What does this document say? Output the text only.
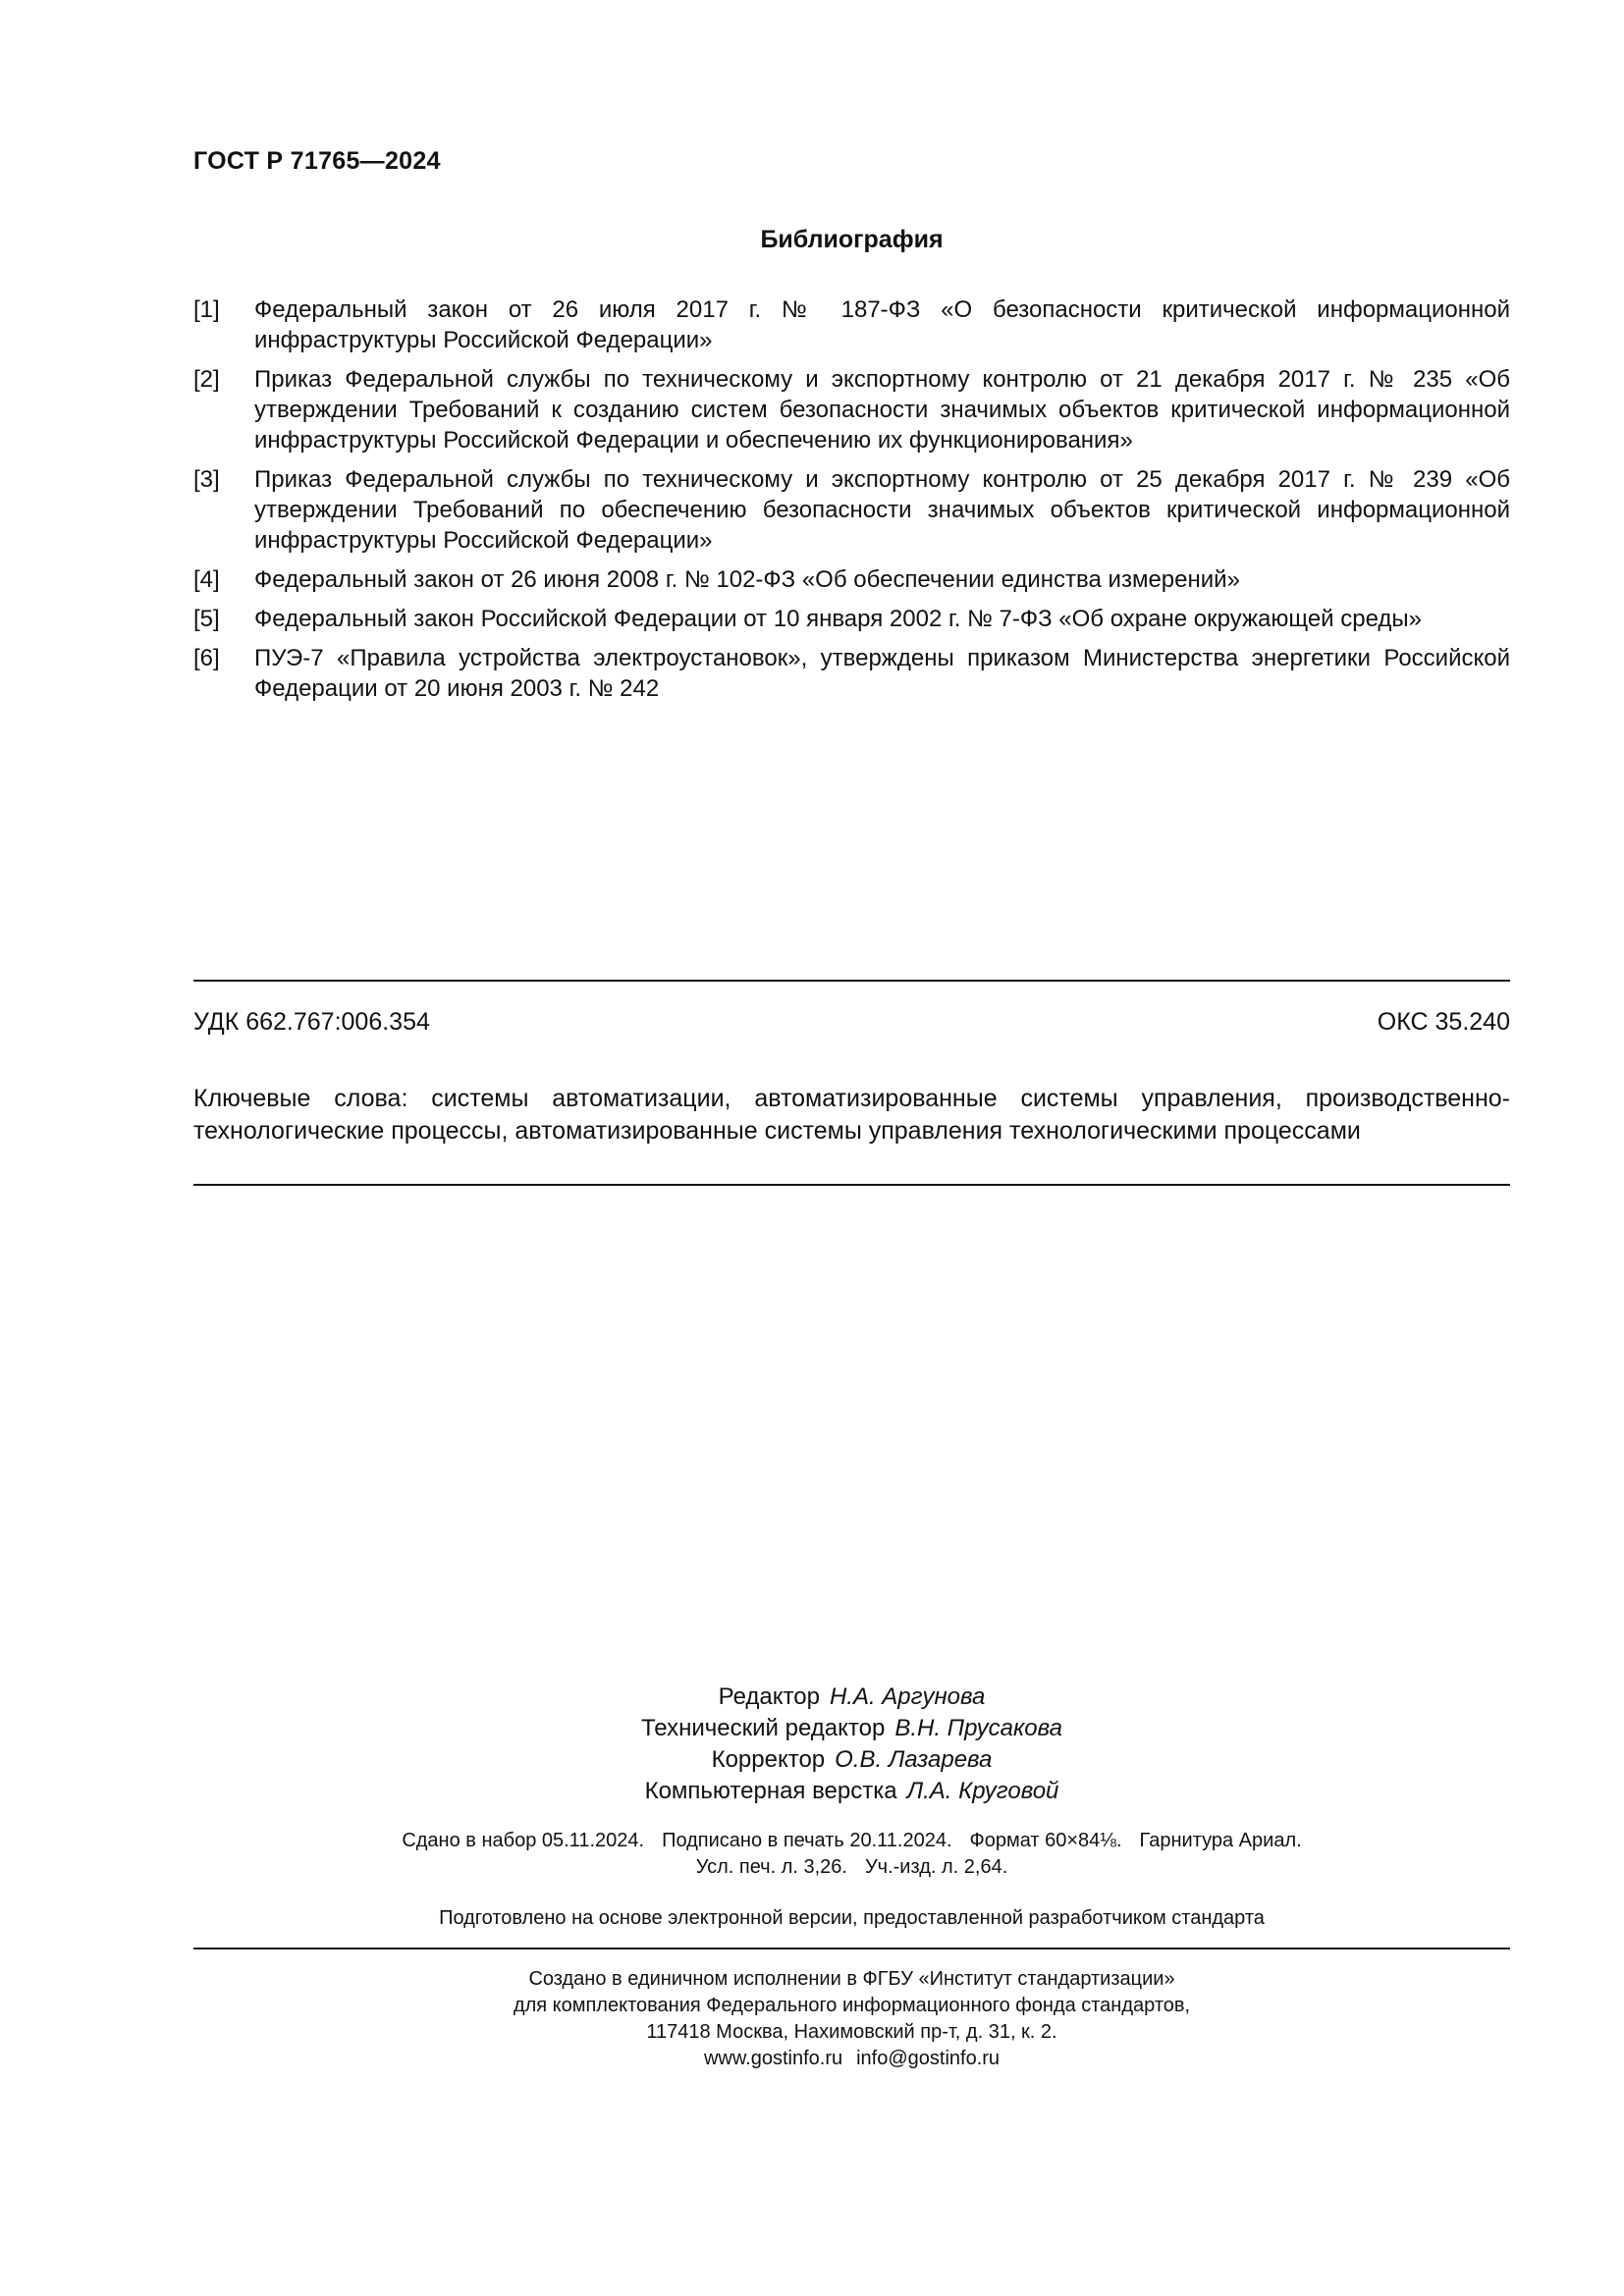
ГОСТ Р 71765—2024
Библиография
[1]	Федеральный закон от 26 июля 2017 г. № 187-ФЗ «О безопасности критической информационной инфраструктуры Российской Федерации»
[2]	Приказ Федеральной службы по техническому и экспортному контролю от 21 декабря 2017 г. № 235 «Об утверждении Требований к созданию систем безопасности значимых объектов критической информационной инфраструктуры Российской Федерации и обеспечению их функционирования»
[3]	Приказ Федеральной службы по техническому и экспортному контролю от 25 декабря 2017 г. № 239 «Об утверждении Требований по обеспечению безопасности значимых объектов критической информационной инфраструктуры Российской Федерации»
[4]	Федеральный закон от 26 июня 2008 г. № 102-ФЗ «Об обеспечении единства измерений»
[5]	Федеральный закон Российской Федерации от 10 января 2002 г. № 7-ФЗ «Об охране окружающей среды»
[6]	ПУЭ-7 «Правила устройства электроустановок», утверждены приказом Министерства энергетики Российской Федерации от 20 июня 2003 г. № 242
УДК 662.767:006.354	ОКС 35.240
Ключевые слова: системы автоматизации, автоматизированные системы управления, производственно-технологические процессы, автоматизированные системы управления технологическими процессами
Редактор Н.А. Аргунова
Технический редактор В.Н. Прусакова
Корректор О.В. Лазарева
Компьютерная верстка Л.А. Круговой
Сдано в набор 05.11.2024. Подписано в печать 20.11.2024. Формат 60×84⅛. Гарнитура Ариал.
Усл. печ. л. 3,26. Уч.-изд. л. 2,64.
Подготовлено на основе электронной версии, предоставленной разработчиком стандарта
Создано в единичном исполнении в ФГБУ «Институт стандартизации»
для комплектования Федерального информационного фонда стандартов,
117418 Москва, Нахимовский пр-т, д. 31, к. 2.
www.gostinfo.ru info@gostinfo.ru
